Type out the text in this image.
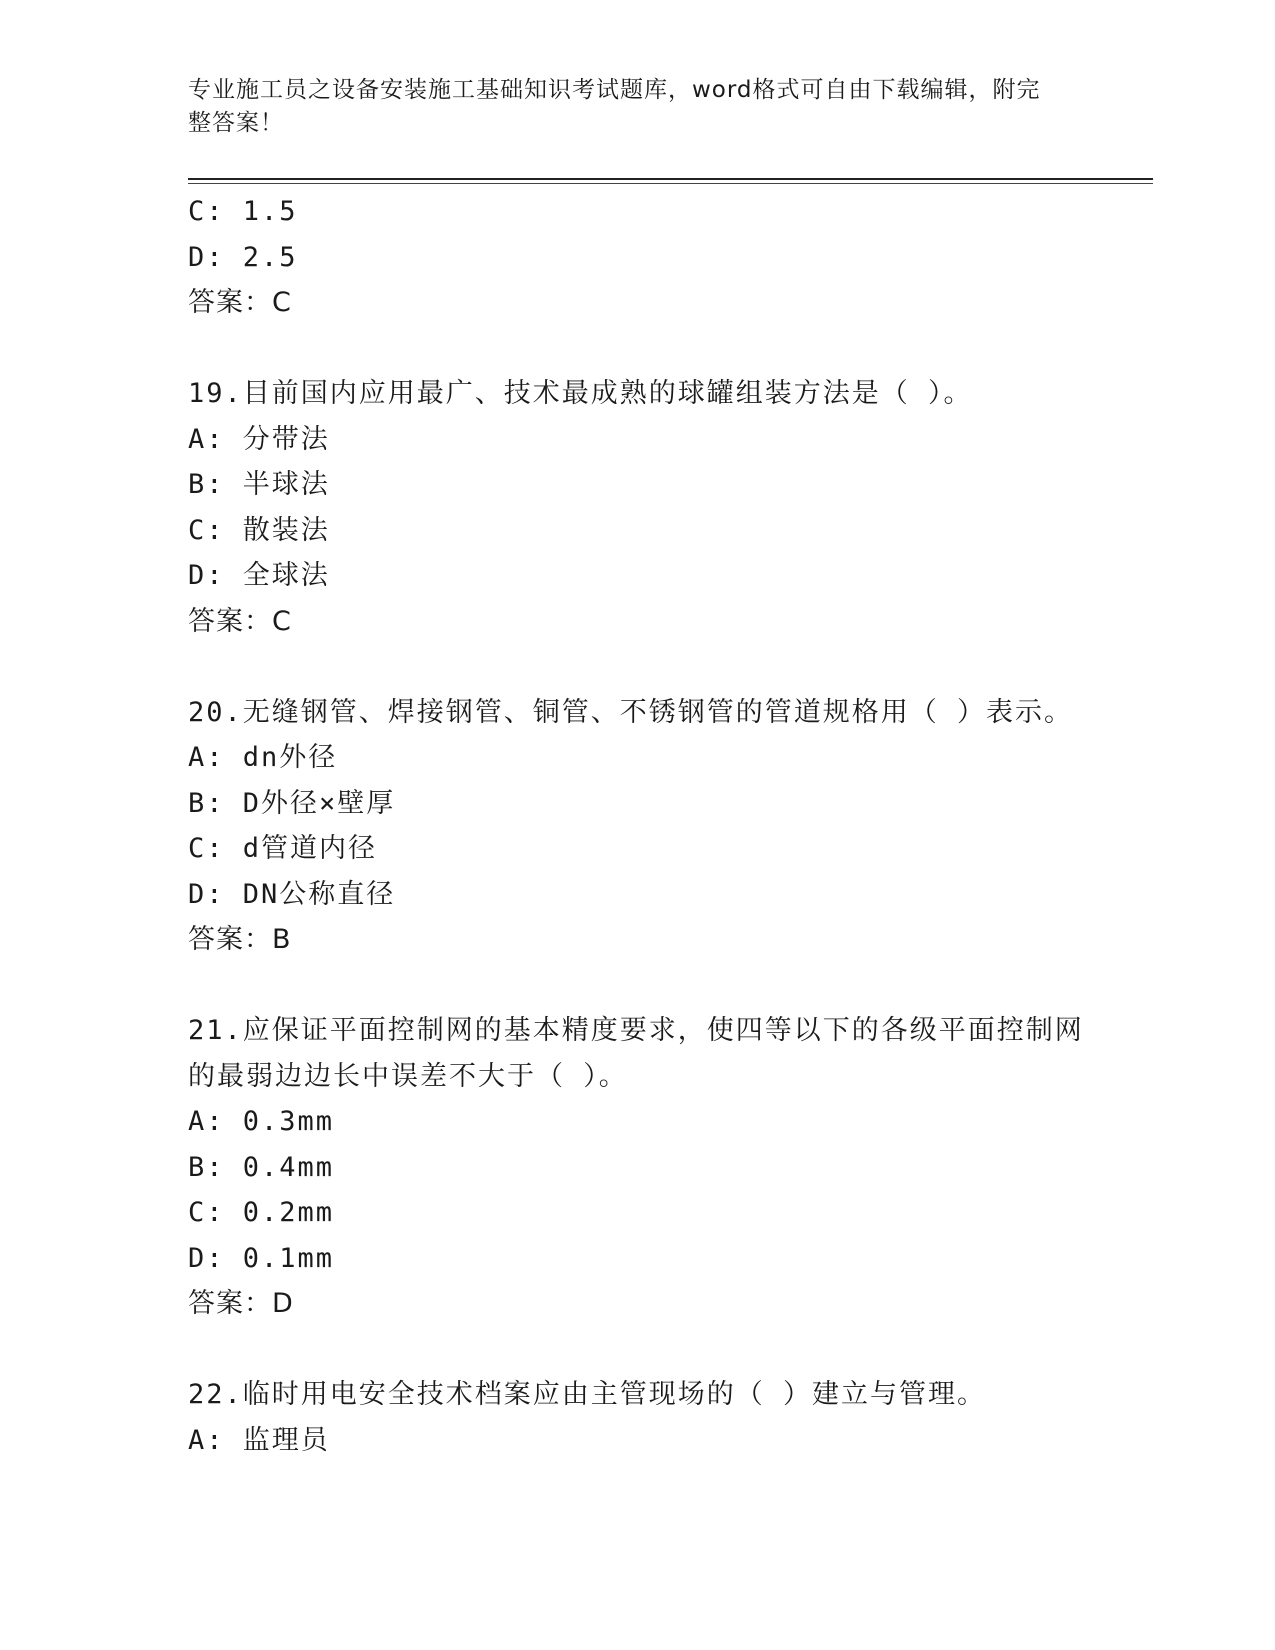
专业施工员之设备安装施工基础知识考试题库，word格式可自由下载编辑，附完
整答案！
C: 1.5
D: 2.5
答案：C
19.目前国内应用最广、技术最成熟的球罐组装方法是（ ）。
A: 分带法
B: 半球法
C: 散装法
D: 全球法
答案：C
20.无缝钢管、焊接钢管、铜管、不锈钢管的管道规格用（ ）表示。
A: dn外径
B: D外径×壁厚
C: d管道内径
D: DN公称直径
答案：B
21.应保证平面控制网的基本精度要求，使四等以下的各级平面控制网
的最弱边边长中误差不大于（ ）。
A: 0.3mm
B: 0.4mm
C: 0.2mm
D: 0.1mm
答案：D
22.临时用电安全技术档案应由主管现场的（ ）建立与管理。
A: 监理员
